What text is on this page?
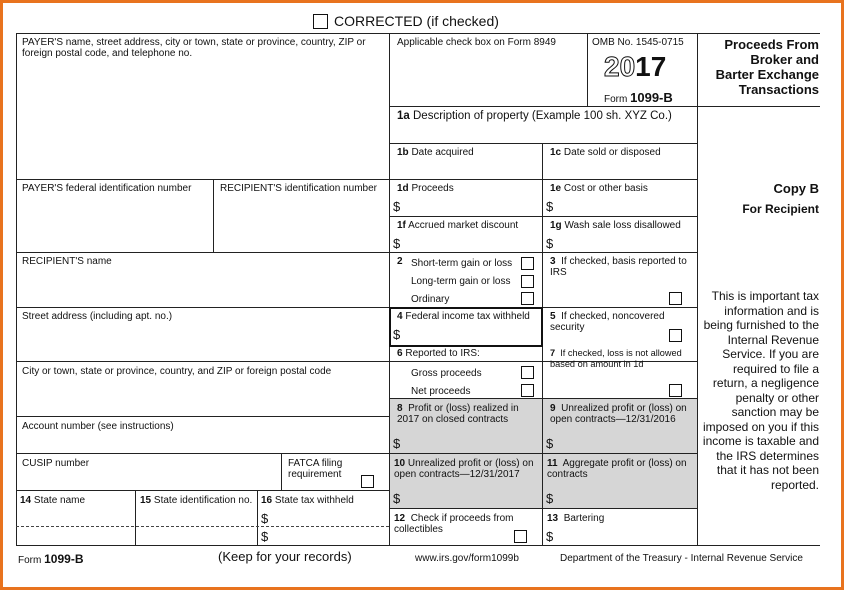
CORRECTED (if checked)
PAYER'S name, street address, city or town, state or province, country, ZIP or foreign postal code, and telephone no.
PAYER'S federal identification number	RECIPIENT'S identification number
RECIPIENT'S name
Street address (including apt. no.)
City or town, state or province, country, and ZIP or foreign postal code
Account number (see instructions)
CUSIP number	FATCA filing requirement
14 State name	15 State identification no. 16 State tax withheld
$
$
Applicable check box on Form 8949	OMB No. 1545-0715
2017
Form 1099-B
Proceeds From
Broker and
Barter Exchange
Transactions
1a Description of property (Example 100 sh. XYZ Co.)
1b Date acquired	1c Date sold or disposed
1d Proceeds
$
1e Cost or other basis
$
1f Accrued market discount
$
1g Wash sale loss disallowed
$
2 Short-term gain or loss
Long-term gain or loss
Ordinary
3 If checked, basis reported to IRS
4 Federal income tax withheld
$
5 If checked, noncovered security
6 Reported to IRS:
Gross proceeds
Net proceeds
7 If checked, loss is not allowed based on amount in 1d
8 Profit or (loss) realized in 2017 on closed contracts
$
9 Unrealized profit or (loss) on open contracts—12/31/2016
$
10 Unrealized profit or (loss) on open contracts—12/31/2017
$
11 Aggregate profit or (loss) on contracts
$
12 Check if proceeds from collectibles
13 Bartering
$
Copy B
For Recipient
This is important tax information and is being furnished to the Internal Revenue Service. If you are required to file a return, a negligence penalty or other sanction may be imposed on you if this income is taxable and the IRS determines that it has not been reported.
Form 1099-B	(Keep for your records)	www.irs.gov/form1099b	Department of the Treasury - Internal Revenue Service
